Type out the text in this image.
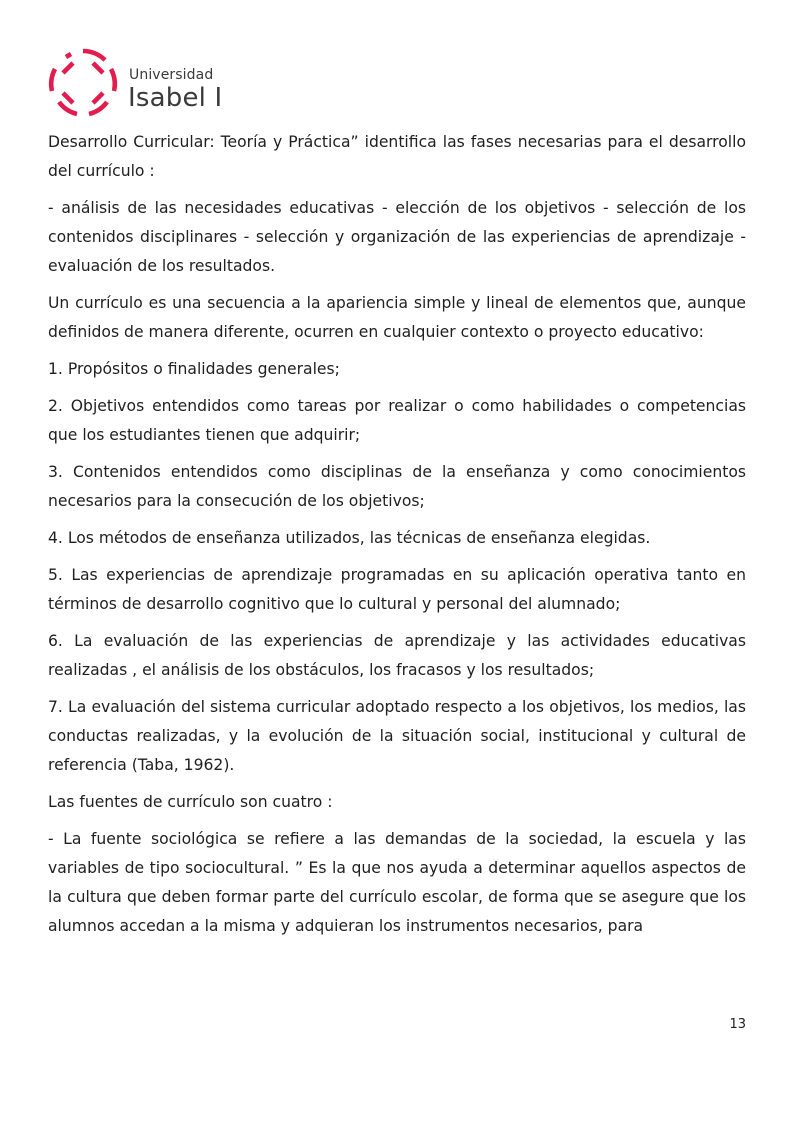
Universidad
Isabel I

Desarrollo Curricular: Teoría y Práctica” identifica las fases necesarias para el desarrollo del currículo :

- análisis de las necesidades educativas - elección de los objetivos - selección de los contenidos disciplinares - selección y organización de las experiencias de aprendizaje -evaluación de los resultados.

Un currículo es una secuencia a la apariencia simple y lineal de elementos que, aunque definidos de manera diferente, ocurren en cualquier contexto o proyecto educativo:

1. Propósitos o finalidades generales;

2. Objetivos entendidos como tareas por realizar o como habilidades o competencias que los estudiantes tienen que adquirir;

3. Contenidos entendidos como disciplinas de la enseñanza y como conocimientos necesarios para la consecución de los objetivos;

4. Los métodos de enseñanza utilizados, las técnicas de enseñanza elegidas.

5. Las experiencias de aprendizaje programadas en su aplicación operativa tanto en términos de desarrollo cognitivo que lo cultural y personal del alumnado;

6. La evaluación de las experiencias de aprendizaje y las actividades educativas realizadas , el análisis de los obstáculos, los fracasos y los resultados;

7. La evaluación del sistema curricular adoptado respecto a los objetivos, los medios, las conductas realizadas, y la evolución de la situación social, institucional y cultural de referencia (Taba, 1962).

Las fuentes de currículo son cuatro :

- La fuente sociológica se refiere a las demandas de la sociedad, la escuela y las variables de tipo sociocultural. ” Es la que nos ayuda a determinar aquellos aspectos de la cultura que deben formar parte del currículo escolar, de forma que se asegure que los alumnos accedan a la misma y adquieran los instrumentos necesarios, para

13
